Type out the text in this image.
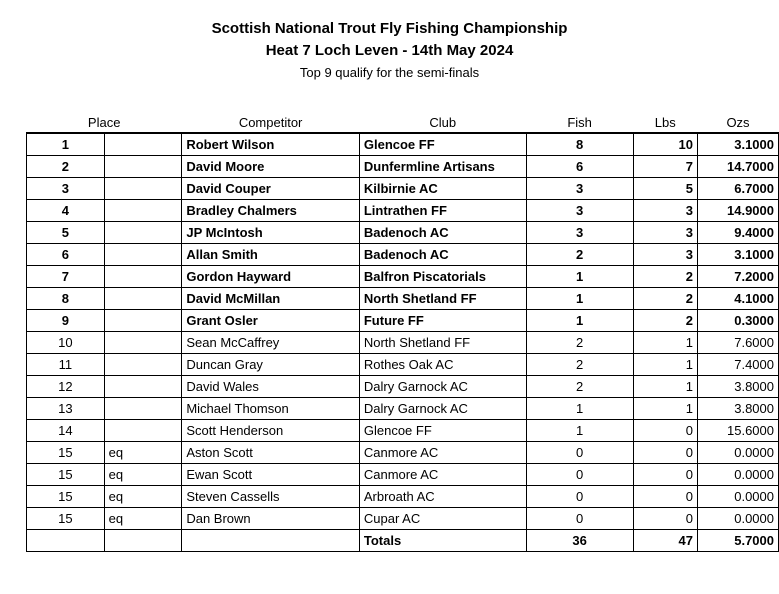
Scottish National Trout Fly Fishing Championship
Heat 7 Loch Leven - 14th May 2024
Top 9 qualify for the semi-finals
Place		Competitor	Club	Fish	Lbs	Ozs
1		Robert Wilson	Glencoe FF	8	10	3.1000
2		David Moore	Dunfermline Artisans	6	7	14.7000
3		David Couper	Kilbirnie AC	3	5	6.7000
4		Bradley Chalmers	Lintrathen FF	3	3	14.9000
5		JP McIntosh	Badenoch AC	3	3	9.4000
6		Allan Smith	Badenoch AC	2	3	3.1000
7		Gordon Hayward	Balfron Piscatorials	1	2	7.2000
8		David McMillan	North Shetland FF	1	2	4.1000
9		Grant Osler	Future FF	1	2	0.3000
10		Sean McCaffrey	North Shetland FF	2	1	7.6000
11		Duncan Gray	Rothes Oak AC	2	1	7.4000
12		David Wales	Dalry Garnock AC	2	1	3.8000
13		Michael Thomson	Dalry Garnock AC	1	1	3.8000
14		Scott Henderson	Glencoe FF	1	0	15.6000
15	eq	Aston Scott	Canmore AC	0	0	0.0000
15	eq	Ewan Scott	Canmore AC	0	0	0.0000
15	eq	Steven Cassells	Arbroath AC	0	0	0.0000
15	eq	Dan Brown	Cupar AC	0	0	0.0000
			Totals	36	47	5.7000
